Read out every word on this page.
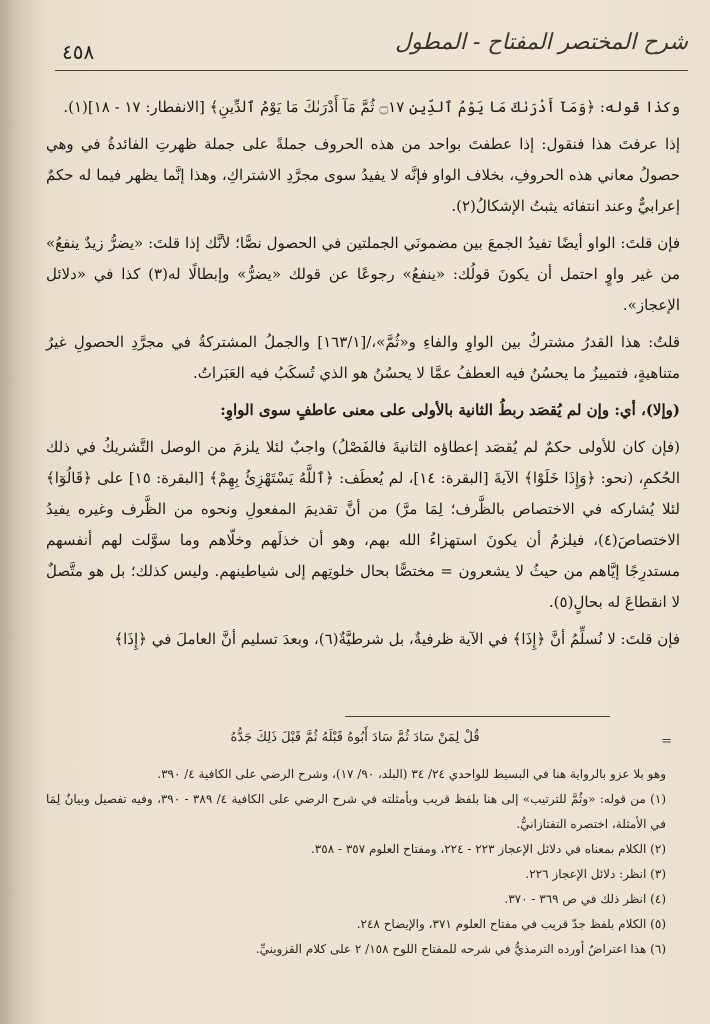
٤٥٨	شرح المختصر المفتاح - المطول

وكذا قوله: ﴿وَمَآ أَدْرَىٰكَ مَا يَوْمُ ٱلدِّينِ ۝١٧ ثُمَّ مَآ أَدْرَىٰكَ مَا يَوْمُ ٱلدِّينِ﴾ [الانفطار: ١٧ - ١٨](١).

إذا عرفتَ هذا فنقول: إذا عطفتَ بواحد من هذه الحروف جملةً على جملة ظهرتِ الفائدةُ في وهي حصولُ معاني هذه الحروفِ، بخلاف الواو فإنَّه لا يفيدُ سوى مجرَّدِ الاشتراكِ، وهذا إنَّما يظهر فيما له حكمٌ إعرابيٌّ وعند انتفائه يثبتُ الإشكالُ(٢).

فإن قلتَ: الواو أيضًا تفيدُ الجمعَ بين مضمونَي الجملتين في الحصول نصًّا؛ لأنَّك إذا قلتَ: «يضرُّ زيدٌ ينفعُ» من غير واوٍ احتمل أن يكونَ قولُك: «ينفعُ» رجوعًا عن قولك «يضرُّ» وإبطالًا له(٣) كذا في «دلائل الإعجاز».

قلتُ: هذا القدرُ مشتركٌ بين الواوِ والفاءِ و«ثُمَّ»،/[١٦٣/١] والجملُ المشتركةُ في مجرَّدِ الحصولِ غيرُ متناهيةٍ، فتمييزُ ما يحسُنُ فيه العطفُ عمَّا لا يحسُنُ هو الذي تُسكَبُ فيه العَبَراتُ.

(وإلا)، أي: وإن لم يُقصَد ربطُ الثانية بالأولى على معنى عاطفٍ سوى الواوِ:

(فإن كان للأولى حكمٌ لم يُقصَد إعطاؤه الثانيةَ فالفَصْلُ) واجبٌ لئلا يلزمَ من الوصل التَّشريكُ في ذلك الحُكمِ، (نحو: ﴿وَإِذَا خَلَوْا﴾ الآيةَ [البقرة: ١٤]، لم يُعطَف: ﴿ٱللَّهُ يَسْتَهْزِئُ بِهِمْ﴾ [البقرة: ١٥] على ﴿قَالُوٓا﴾ لئلا يُشاركه في الاختصاص بالظَّرف؛ لِمَا مرَّ) من أنَّ تقديمَ المفعولِ ونحوه من الظَّرف وغيره يفيدُ الاختصاصَ(٤)، فيلزمُ أن يكونَ استهزاءُ الله بهم، وهو أن خذلَهم وخلّاهم وما سوَّلت لهم أنفسهم مستدرِجًا إيَّاهم من حيثُ لا يشعرون = مختصًّا بحال خلوتِهم إلى شياطينهم. وليس كذلك؛ بل هو متَّصلٌ لا انقطاعَ له بحالٍ(٥).

فإن قلتَ: لا نُسلِّمُ أنَّ ﴿إِذَا﴾ في الآية ظرفيةٌ، بل شرطيَّةٌ(٦)، وبعدَ تسليم أنَّ العاملَ في ﴿إِذَا﴾

=
قُلْ لِمَنْ سَادَ ثُمَّ سَادَ أَبُوهُ قَبْلَهُ ثُمَّ قَبْلَ ذَلِكَ جَدُّهُ

وهو بلا عزو بالرواية هنا في البسيط للواحدي ٢٤/ ٣٤ (البلد، ٩٠/ ١٧)، وشرح الرضي على الكافية ٤/ ٣٩٠.

(١) من قوله: «وثُمَّ للترتيب» إلى هنا بلفظ قريب وبأمثلته في شرح الرضي على الكافية ٤/ ٣٨٩ - ٣٩٠، وفيه تفصيل وبيانٌ لِمَا في الأمثلة، اختصره التفتازانيُّ.

(٢) الكلام بمعناه في دلائل الإعجاز ٢٢٣ - ٢٢٤، ومفتاح العلوم ٣٥٧ - ٣٥٨.

(٣) انظر: دلائل الإعجاز ٢٢٦.

(٤) انظر ذلك في ص ٣٦٩ - ٣٧٠.

(٥) الكلام بلفظ جدّ قريب في مفتاح العلوم ٣٧١، والإيضاح ٢٤٨.

(٦) هذا اعتراضٌ أورده الترمذيُّ في شرحه للمفتاح اللوح ١٥٨/ ٢ على كلام القزوينيِّ.
